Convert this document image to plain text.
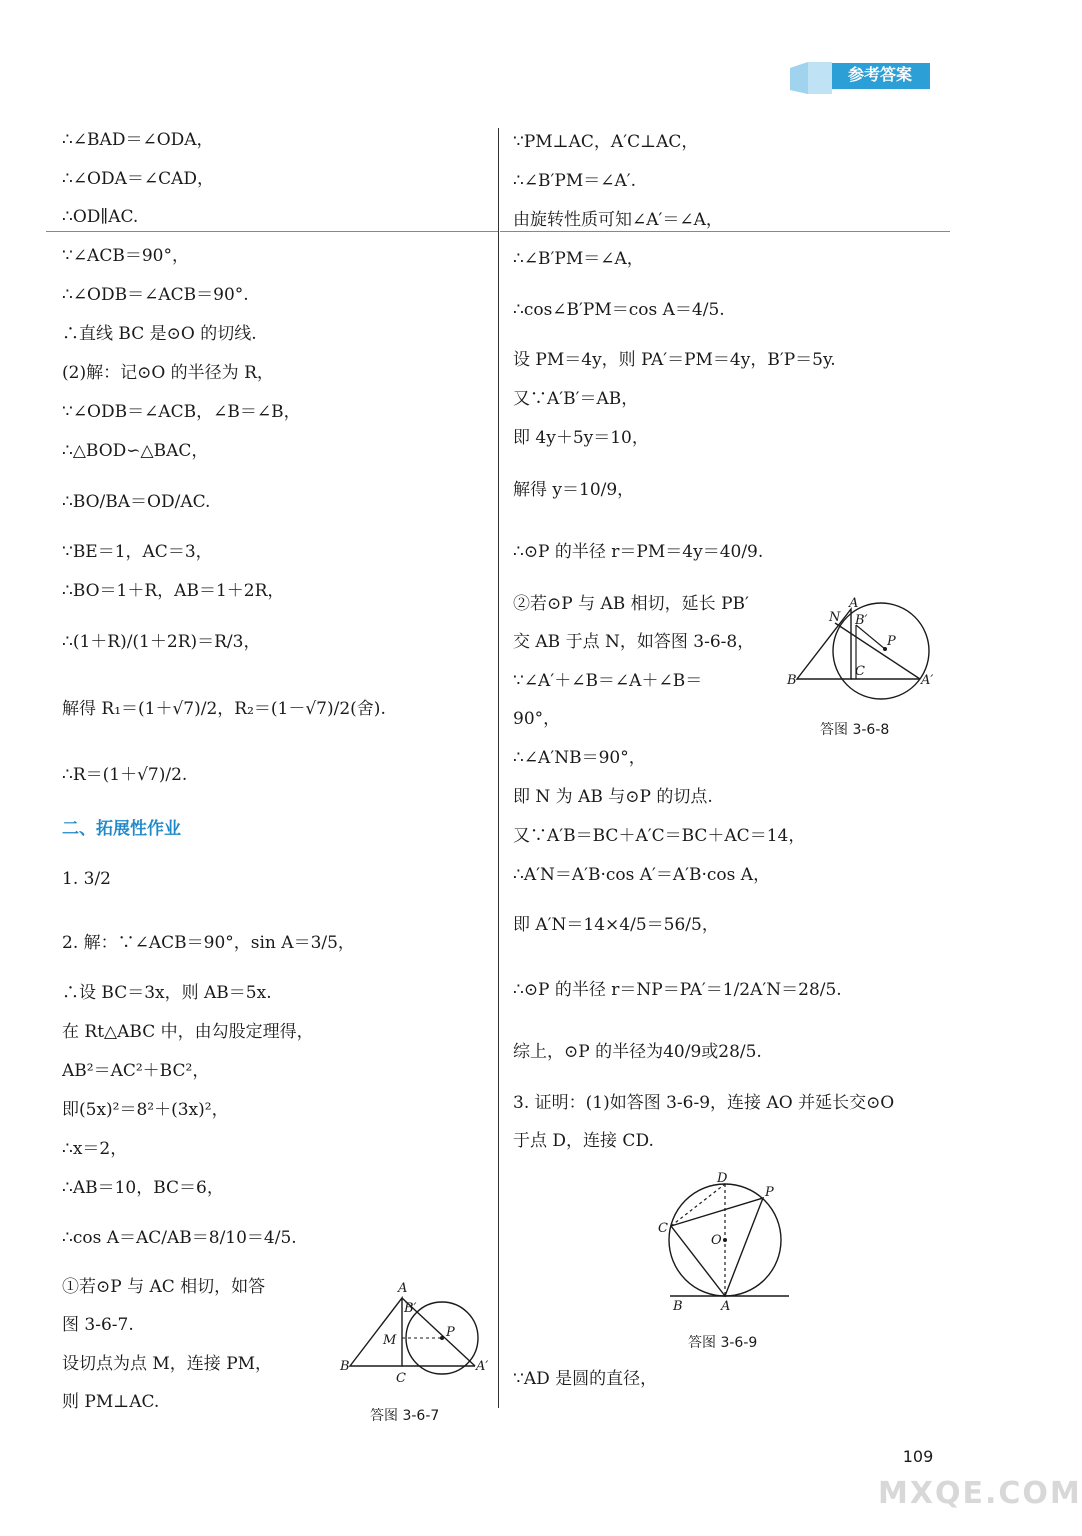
参考答案
∴∠BAD＝∠ODA，
∴∠ODA＝∠CAD，
∴OD∥AC.
∵∠ACB＝90°，
∴∠ODB＝∠ACB＝90°.
∴直线 BC 是⊙O 的切线.
(2)解：记⊙O 的半径为 R，
∵∠ODB＝∠ACB，∠B＝∠B，
∴△BOD∽△BAC，
∴BO/BA＝OD/AC.
∵BE＝1，AC＝3，
∴BO＝1＋R，AB＝1＋2R，
∴(1＋R)/(1＋2R)＝R/3，
解得 R₁＝(1＋√7)/2，R₂＝(1－√7)/2(舍).
∴R＝(1＋√7)/2.
二、拓展性作业
1. 3/2
2. 解：∵∠ACB＝90°，sin A＝3/5，
∴设 BC＝3x，则 AB＝5x.
在 Rt△ABC 中，由勾股定理得，
AB²＝AC²＋BC²，
即(5x)²＝8²＋(3x)²，
∴x＝2，
∴AB＝10，BC＝6，
∴cos A＝AC/AB＝8/10＝4/5.
①若⊙P 与 AC 相切，如答
图 3-6-7.
设切点为点 M，连接 PM，
则 PM⊥AC.
∵PM⊥AC，A′C⊥AC，
∴∠B′PM＝∠A′.
由旋转性质可知∠A′＝∠A，
∴∠B′PM＝∠A，
∴cos∠B′PM＝cos A＝4/5.
设 PM＝4y，则 PA′＝PM＝4y，B′P＝5y.
又∵A′B′＝AB，
即 4y＋5y＝10，
解得 y＝10/9，
∴⊙P 的半径 r＝PM＝4y＝40/9.
②若⊙P 与 AB 相切，延长 PB′
交 AB 于点 N，如答图 3-6-8，
∵∠A′＋∠B＝∠A＋∠B＝
90°，
∴∠A′NB＝90°，
即 N 为 AB 与⊙P 的切点.
又∵A′B＝BC＋A′C＝BC＋AC＝14，
∴A′N＝A′B·cos A′＝A′B·cos A，
即 A′N＝14×4/5＝56/5，
∴⊙P 的半径 r＝NP＝PA′＝1/2A′N＝28/5.
综上，⊙P 的半径为40/9或28/5.
3. 证明：(1)如答图 3-6-9，连接 AO 并延长交⊙O
于点 D，连接 CD.
∵AD 是圆的直径，
A
B′
M
P
B
C
A′
答图 3-6-7
N
A
B′
P
C
B	A′
答图 3-6-8
D
P
C
O
B	A
答图 3-6-9
109
MXQE.COM
